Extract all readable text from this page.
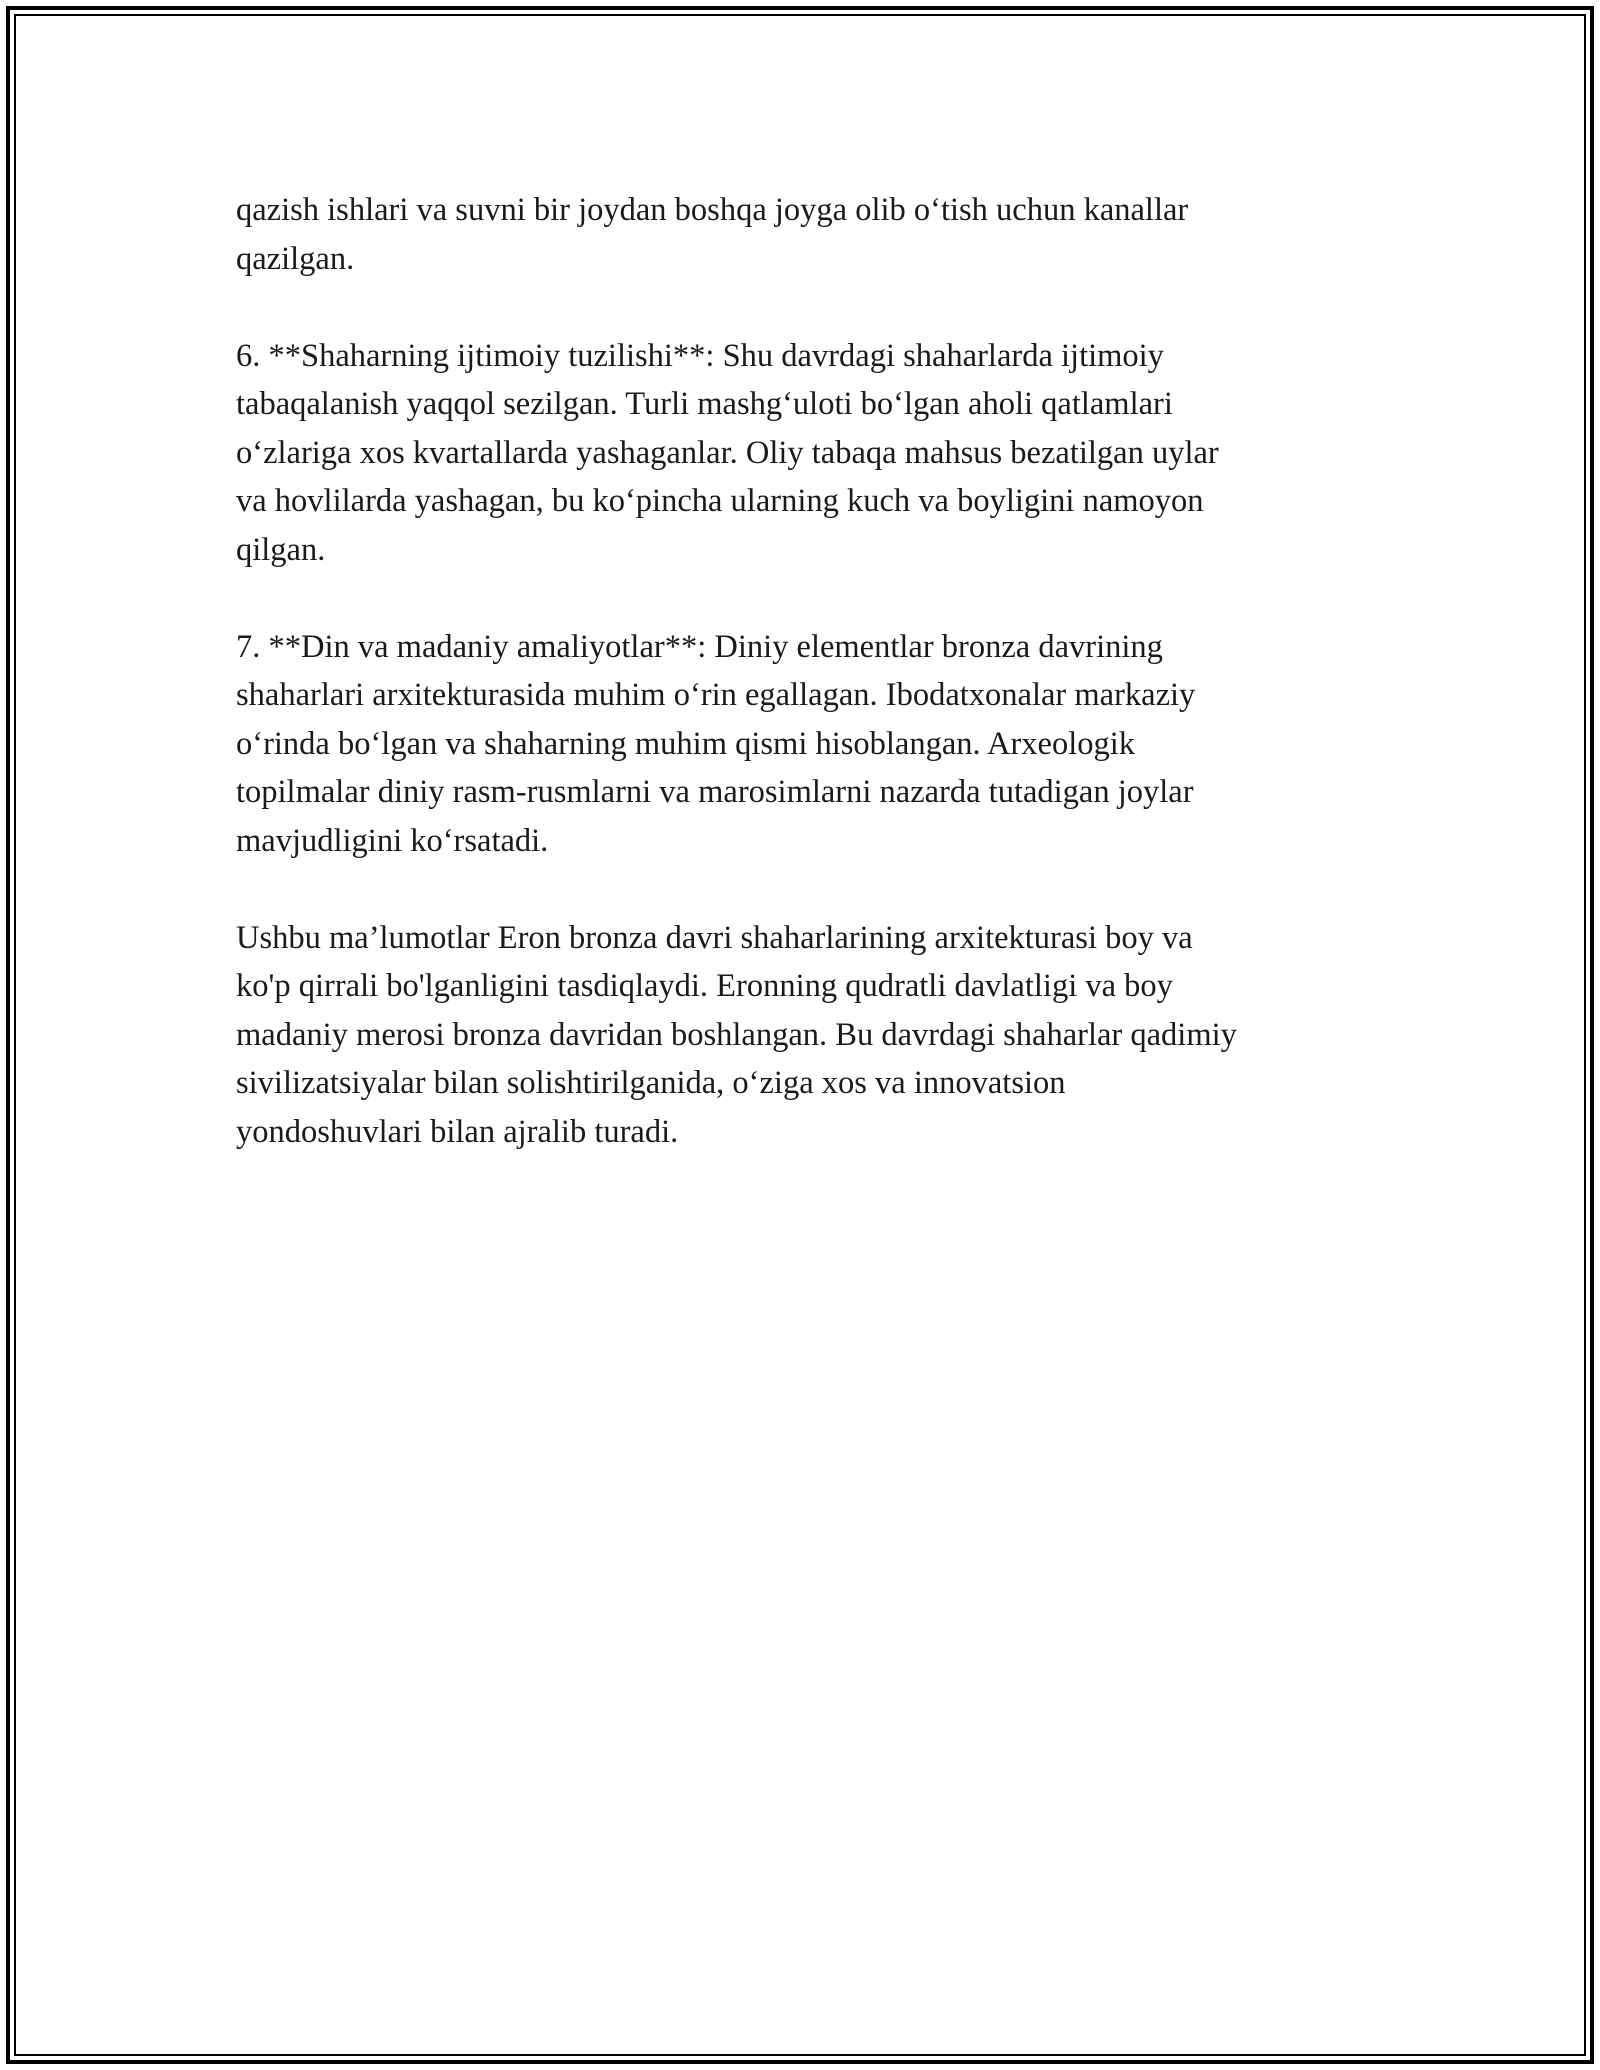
qazish ishlari va suvni bir joydan boshqa joyga olib o‘tish uchun kanallar
qazilgan.

6. **Shaharning ijtimoiy tuzilishi**: Shu davrdagi shaharlarda ijtimoiy
tabaqalanish yaqqol sezilgan. Turli mashg‘uloti bo‘lgan aholi qatlamlari
o‘zlariga xos kvartallarda yashaganlar. Oliy tabaqa mahsus bezatilgan uylar
va hovlilarda yashagan, bu ko‘pincha ularning kuch va boyligini namoyon
qilgan.

7. **Din va madaniy amaliyotlar**: Diniy elementlar bronza davrining
shaharlari arxitekturasida muhim o‘rin egallagan. Ibodatxonalar markaziy
o‘rinda bo‘lgan va shaharning muhim qismi hisoblangan. Arxeologik
topilmalar diniy rasm-rusmlarni va marosimlarni nazarda tutadigan joylar
mavjudligini ko‘rsatadi.

Ushbu ma’lumotlar Eron bronza davri shaharlarining arxitekturasi boy va
ko'p qirrali bo'lganligini tasdiqlaydi. Eronning qudratli davlatligi va boy
madaniy merosi bronza davridan boshlangan. Bu davrdagi shaharlar qadimiy
sivilizatsiyalar bilan solishtirilganida, o‘ziga xos va innovatsion
yondoshuvlari bilan ajralib turadi.
